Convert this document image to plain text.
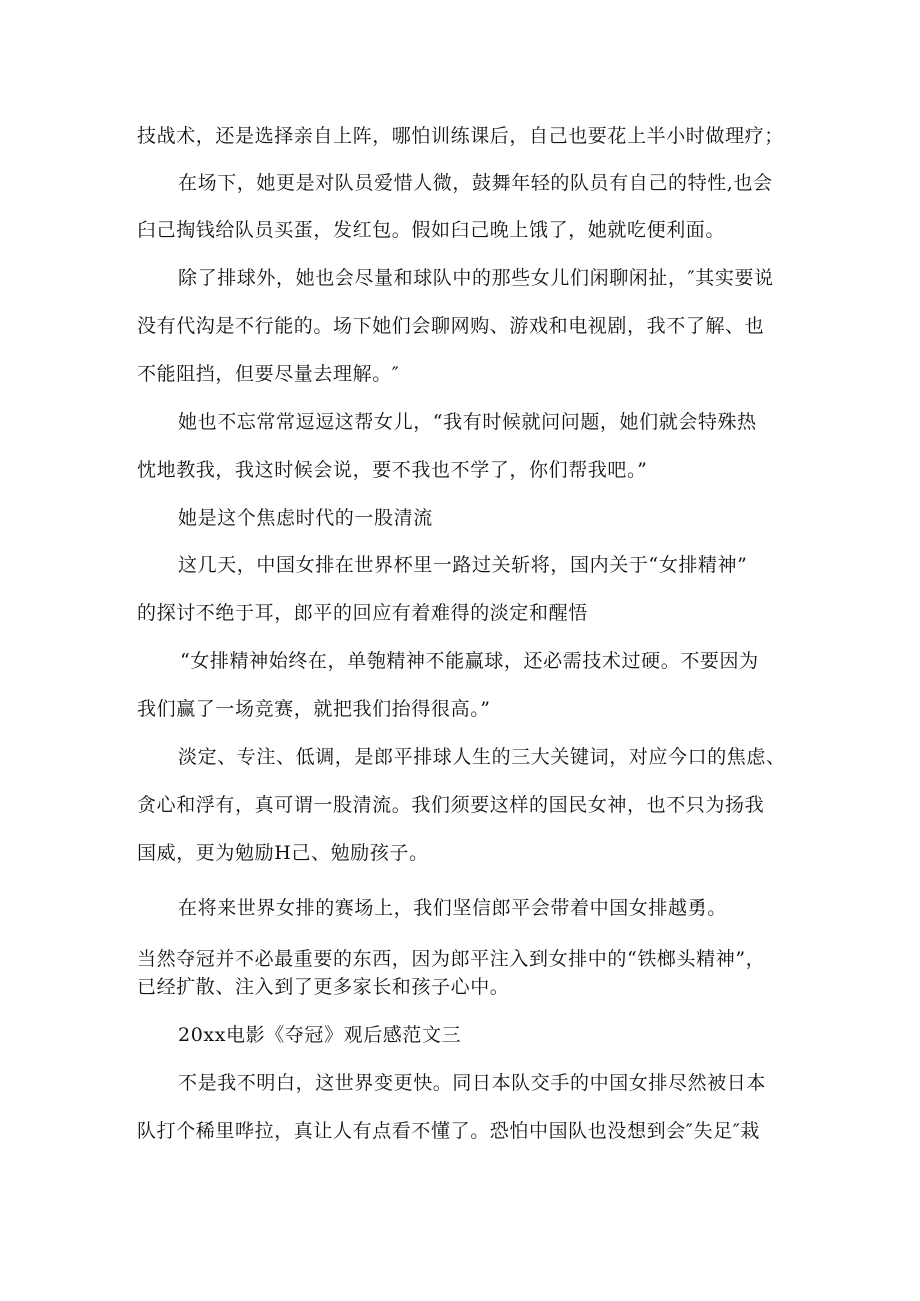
技战术，还是选择亲自上阵，哪怕训练课后，自己也要花上半小时做理疗；
在场下，她更是对队员爱惜人微，鼓舞年轻的队员有自己的特性,也会
臼己掏钱给队员买蛋，发红包。假如臼己晚上饿了，她就吃便利面。
除了排球外，她也会尽量和球队中的那些女儿们闲聊闲扯，″其实要说
没有代沟是不行能的。场下她们会聊网购、游戏和电视剧，我不了解、也
不能阻挡，但要尽量去理解。″
她也不忘常常逗逗这帮女儿，“我有时候就问问题，她们就会特殊热
忱地教我，我这时候会说，要不我也不学了，你们帮我吧。”
她是这个焦虑时代的一股清流
这几天，中国女排在世界杯里一路过关斩将，国内关于“女排精神”
的探讨不绝于耳，郎平的回应有着难得的淡定和醒悟
“女排精神始终在，单匏精神不能赢球，还必需技术过硬。不要因为
我们赢了一场竞赛，就把我们抬得很高。”
淡定、专注、低调，是郎平排球人生的三大关键词，对应今口的焦虑、
贪心和浮有，真可谓一股清流。我们须要这样的国民女神，也不只为扬我
国威，更为勉励H己、勉励孩子。
在将来世界女排的赛场上，我们坚信郎平会带着中国女排越勇。
当然夺冠并不必最重要的东西，因为郎平注入到女排中的“铁榔头精神”，
已经扩散、注入到了更多家长和孩子心中。
20xx电影《夺冠》观后感范文三
不是我不明白，这世界变更快。同日本队交手的中国女排尽然被日本
队打个稀里哗拉，真让人有点看不懂了。恐怕中国队也没想到会″失足″栽
